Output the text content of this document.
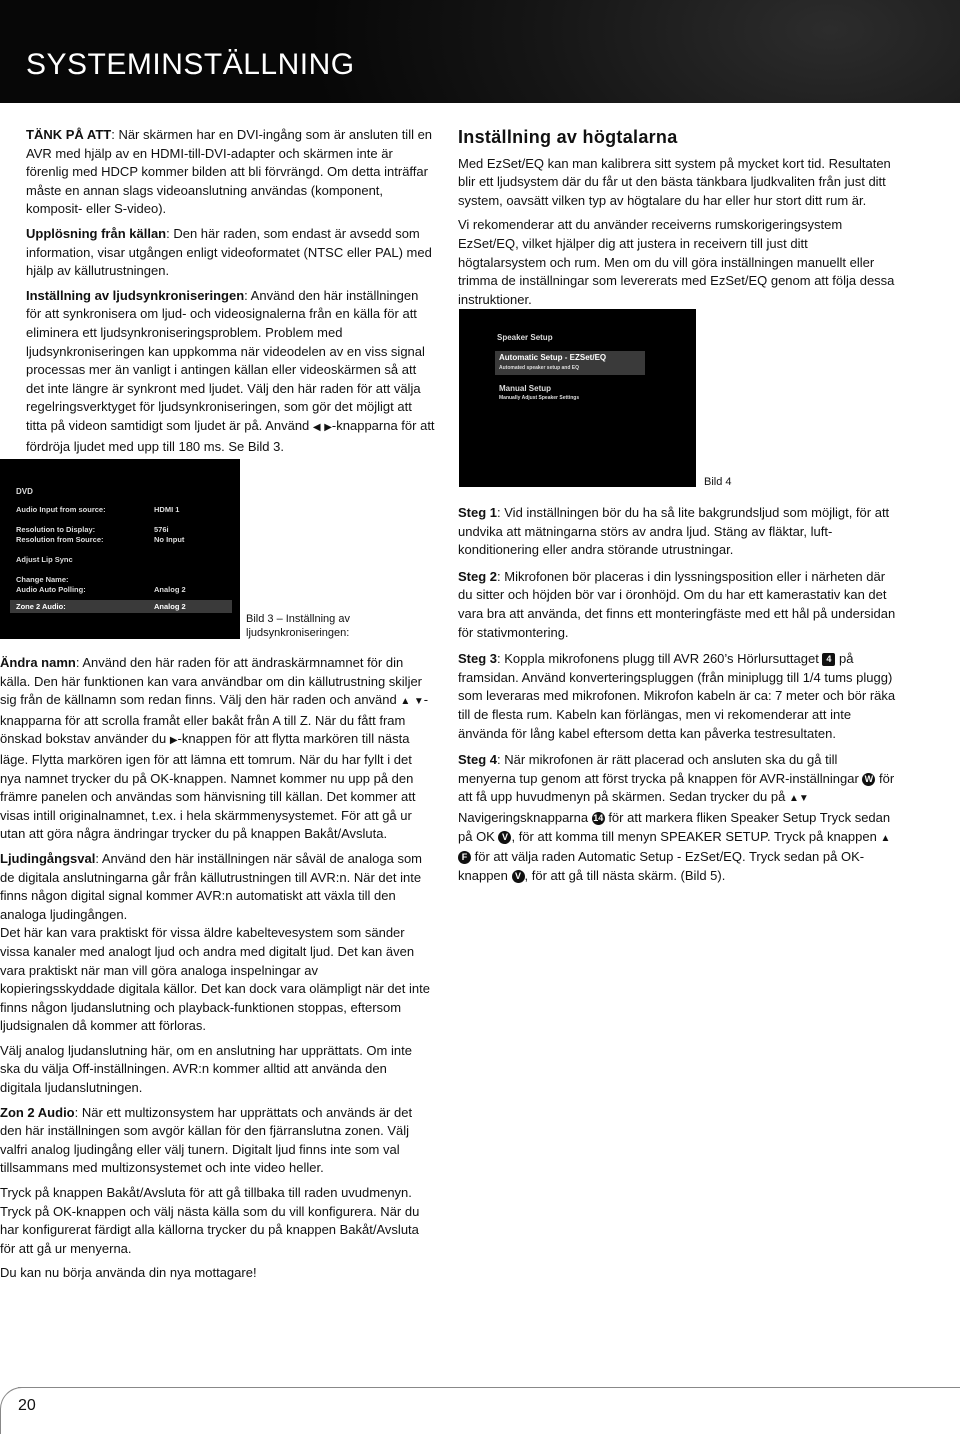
SYSTEMINSTÄLLNING

TÄNK PÅ ATT: När skärmen har en DVI-ingång som är ansluten till en AVR med hjälp av en HDMI-till-DVI-adapter och skärmen inte är förenlig med HDCP kommer bilden att bli förvrängd. Om detta inträffar måste en annan slags videoanslutning användas (komponent, komposit- eller S-video).

Upplösning från källan: Den här raden, som endast är avsedd som information, visar utgången enligt videoformatet (NTSC eller PAL) med hjälp av källutrustningen.

Inställning av ljudsynkroniseringen: Använd den här inställningen för att synkronisera om ljud- och videosignalerna från en källa för att eliminera ett ljudsynkroniseringsproblem. Problem med ljudsynkroniseringen kan uppkomma när videodelen av en viss signal processas mer än vanligt i antingen källan eller videoskärmen så att det inte längre är synkront med ljudet. Välj den här raden för att välja regelringsverktyget för ljudsynkroniseringen, som gör det möjligt att titta på videon samtidigt som ljudet är på. Använd ◀ ▶-knapparna för att fördröja ljudet med upp till 180 ms. Se Bild 3.

DVD
Audio Input from source:	HDMI 1
Resolution to Display:	576i
Resolution from Source:	No Input
Adjust Lip Sync
Change Name:
Audio Auto Polling:	Analog 2
Zone 2 Audio:	Analog 2
Bild 3 – Inställning av ljudsynkroniseringen:

Ändra namn: Använd den här raden för att ändraskärmnamnet för din källa. Den här funktionen kan vara användbar om din källutrustning skiljer sig från de källnamn som redan finns. Välj den här raden och använd ▲ ▼-knapparna för att scrolla framåt eller bakåt från A till Z. När du fått fram önskad bokstav använder du ▶-knappen för att flytta markören till nästa läge. Flytta markören igen för att lämna ett tomrum. När du har fyllt i det nya namnet trycker du på OK-knappen. Namnet kommer nu upp på den främre panelen och användas som hänvisning till källan. Det kommer att visas intill originalnamnet, t.ex. i hela skärmmenysystemet. För att gå ur utan att göra några ändringar trycker du på knappen Bakåt/Avsluta.

Ljudingångsval: Använd den här inställningen när såväl de analoga som de digitala anslutningarna går från källutrustningen till AVR:n. När det inte finns någon digital signal kommer AVR:n automatiskt att växla till den analoga ljudingången.

Det här kan vara praktiskt för vissa äldre kabeltevesystem som sänder vissa kanaler med analogt ljud och andra med digitalt ljud. Det kan även vara praktiskt när man vill göra analoga inspelningar av kopieringsskyddade digitala källor. Det kan dock vara olämpligt när det inte finns någon ljudanslutning och playback-funktionen stoppas, eftersom ljudsignalen då kommer att förloras.

Välj analog ljudanslutning här, om en anslutning har upprättats. Om inte ska du välja Off-inställningen. AVR:n kommer alltid att använda den digitala ljudanslutningen.

Zon 2 Audio: När ett multizonsystem har upprättats och används är det den här inställningen som avgör källan för den fjärranslutna zonen. Välj valfri analog ljudingång eller välj tunern. Digitalt ljud finns inte som val tillsammans med multizonsystemet och inte video heller.

Tryck på knappen Bakåt/Avsluta för att gå tillbaka till raden uvudmenyn. Tryck på OK-knappen och välj nästa källa som du vill konfigurera. När du har konfigurerat färdigt alla källorna trycker du på knappen Bakåt/Avsluta för att gå ur menyerna.

Du kan nu börja använda din nya mottagare!

Inställning av högtalarna

Med EzSet/EQ kan man kalibrera sitt system på mycket kort tid. Resultaten blir ett ljudsystem där du får ut den bästa tänkbara ljudkvaliten från just ditt system, oavsätt vilken typ av högtalare du har eller hur stort ditt rum är.

Vi rekomenderar att du använder receiverns rumskorigeringsystem EzSet/EQ, vilket hjälper dig att justera in receivern till just ditt högtalarsystem och rum. Men om du vill göra inställningen manuellt eller trimma de inställningar som levererats med EzSet/EQ genom att följa dessa instruktioner.

Speaker Setup
Automatic Setup - EZSet/EQ
Automated speaker setup and EQ
Manual Setup
Manually Adjust Speaker Settings
Bild 4

Steg 1: Vid inställningen bör du ha så lite bakgrundsljud som möjligt, för att undvika att mätningarna störs av andra ljud. Stäng av fläktar, luft-konditionering eller andra störande utrustningar.

Steg 2: Mikrofonen bör placeras i din lyssningsposition eller i närheten där du sitter och höjden bör var i öronhöjd. Om du har ett kamerastativ kan det vara bra att använda, det finns ett monteringfäste med ett hål på undersidan för stativmontering.

Steg 3: Koppla mikrofonens plugg till AVR 260’s Hörlursuttaget 4 på framsidan. Använd konverteringspluggen (från miniplugg till 1/4 tums plugg) som leveraras med mikrofonen. Mikrofon kabeln är ca: 7 meter och bör räka till de flesta rum. Kabeln kan förlängas, men vi rekomenderar att inte änvända för lång kabel eftersom detta kan påverka testresultaten.

Steg 4: När mikrofonen är rätt placerad och ansluten ska du gå till menyerna tup genom att först trycka på knappen för AVR-inställningar W för att få upp huvudmenyn på skärmen. Sedan trycker du på ▲▼ Navigeringsknapparna 14 för att markera fliken Speaker Setup Tryck sedan på OK V , för att komma till menyn SPEAKER SETUP. Tryck på knappen ▲ F för att välja raden Automatic Setup - EzSet/EQ. Tryck sedan på OK-knappen V , för att gå till nästa skärm. (Bild 5).

20
